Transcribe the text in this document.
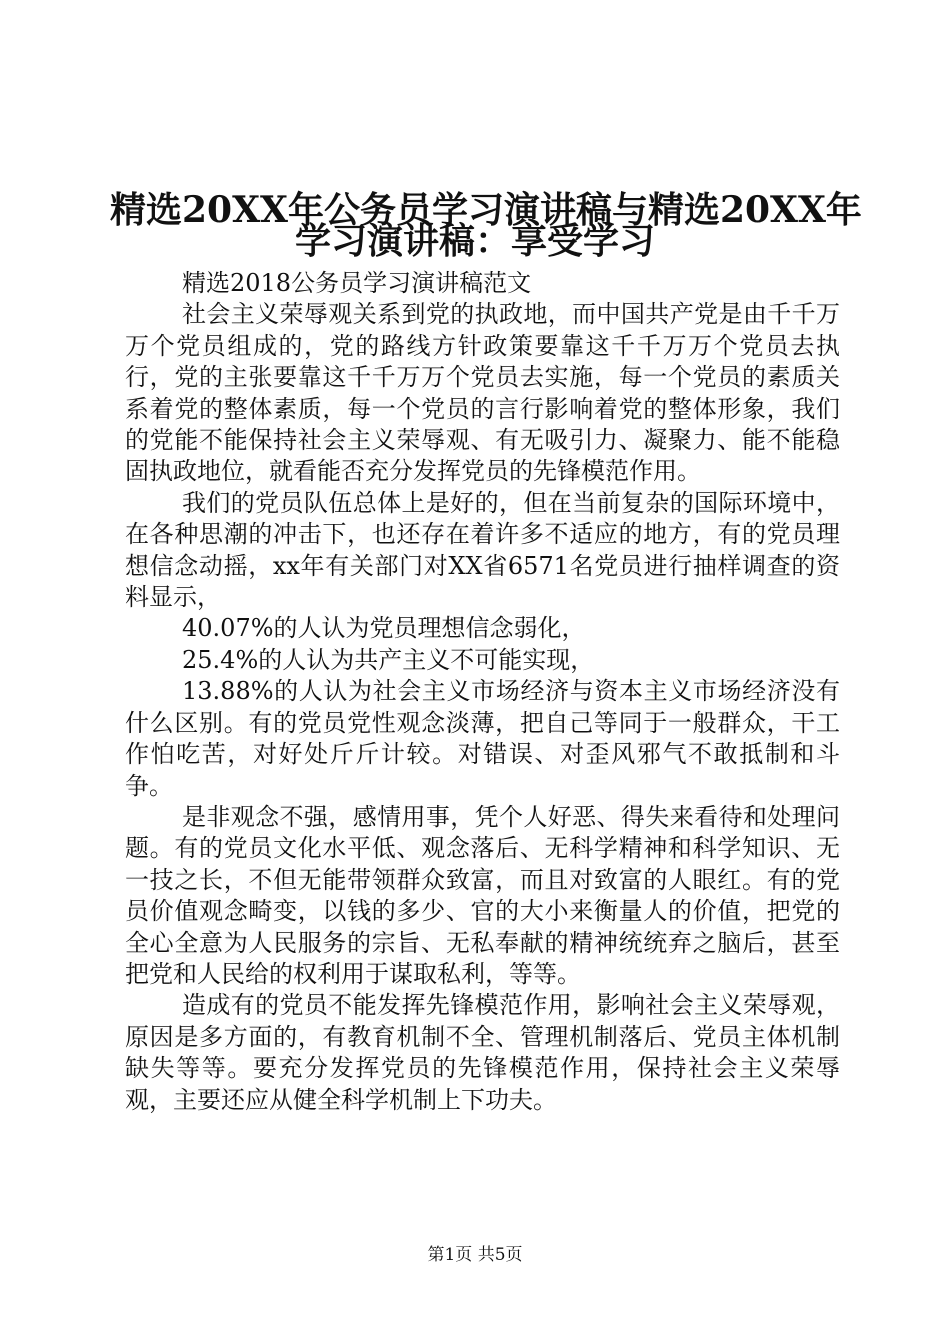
精选20XX年公务员学习演讲稿与精选20XX年
学习演讲稿：享受学习

精选2018公务员学习演讲稿范文

社会主义荣辱观关系到党的执政地，而中国共产党是由千千万万个党员组成的，党的路线方针政策要靠这千千万万个党员去执行，党的主张要靠这千千万万个党员去实施，每一个党员的素质关系着党的整体素质，每一个党员的言行影响着党的整体形象，我们的党能不能保持社会主义荣辱观、有无吸引力、凝聚力、能不能稳固执政地位，就看能否充分发挥党员的先锋模范作用。

我们的党员队伍总体上是好的，但在当前复杂的国际环境中，在各种思潮的冲击下，也还存在着许多不适应的地方，有的党员理想信念动摇，xx年有关部门对XX省6571名党员进行抽样调查的资料显示，

40.07%的人认为党员理想信念弱化，

25.4%的人认为共产主义不可能实现，

13.88%的人认为社会主义市场经济与资本主义市场经济没有什么区别。有的党员党性观念淡薄，把自己等同于一般群众，干工作怕吃苦，对好处斤斤计较。对错误、对歪风邪气不敢抵制和斗争。

是非观念不强，感情用事，凭个人好恶、得失来看待和处理问题。有的党员文化水平低、观念落后、无科学精神和科学知识、无一技之长，不但无能带领群众致富，而且对致富的人眼红。有的党员价值观念畸变，以钱的多少、官的大小来衡量人的价值，把党的全心全意为人民服务的宗旨、无私奉献的精神统统弃之脑后，甚至把党和人民给的权利用于谋取私利，等等。

造成有的党员不能发挥先锋模范作用，影响社会主义荣辱观，原因是多方面的，有教育机制不全、管理机制落后、党员主体机制缺失等等。要充分发挥党员的先锋模范作用，保持社会主义荣辱观，主要还应从健全科学机制上下功夫。

第1页 共5页
